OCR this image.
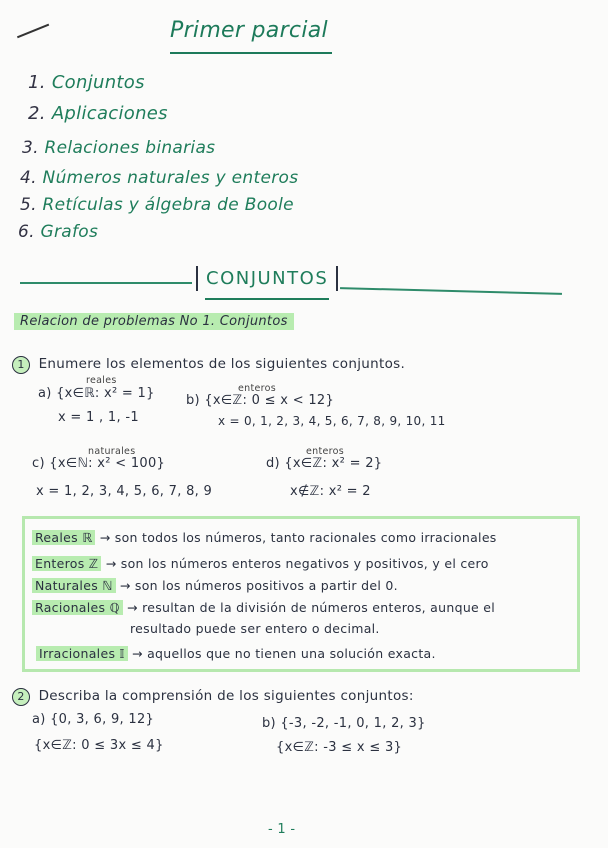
Primer parcial
1. Conjuntos
2. Aplicaciones
3. Relaciones binarias
4. Números naturales y enteros
5. Retículas y álgebra de Boole
6. Grafos
CONJUNTOS
Relacion de problemas No 1. Conjuntos
1 Enumere los elementos de los siguientes conjuntos.
reales
a) {x∈ℝ: x² = 1}
x = 1 , 1, -1
enteros
b) {x∈ℤ: 0 ≤ x < 12}
x = 0, 1, 2, 3, 4, 5, 6, 7, 8, 9, 10, 11
naturales
c) {x∈ℕ: x² < 100}
x = 1, 2, 3, 4, 5, 6, 7, 8, 9
enteros
d) {x∈ℤ: x² = 2}
x∉ℤ: x² = 2
Reales ℝ → son todos los números, tanto racionales como irracionales
Enteros ℤ → son los números enteros negativos y positivos, y el cero
Naturales ℕ → son los números positivos a partir del 0.
Racionales ℚ → resultan de la división de números enteros, aunque el
resultado puede ser entero o decimal.
Irracionales 𝕀 → aquellos que no tienen una solución exacta.
2 Describa la comprensión de los siguientes conjuntos:
a) {0, 3, 6, 9, 12}
{x∈ℤ: 0 ≤ 3x ≤ 4}
b) {-3, -2, -1, 0, 1, 2, 3}
{x∈ℤ: -3 ≤ x ≤ 3}
- 1 -
